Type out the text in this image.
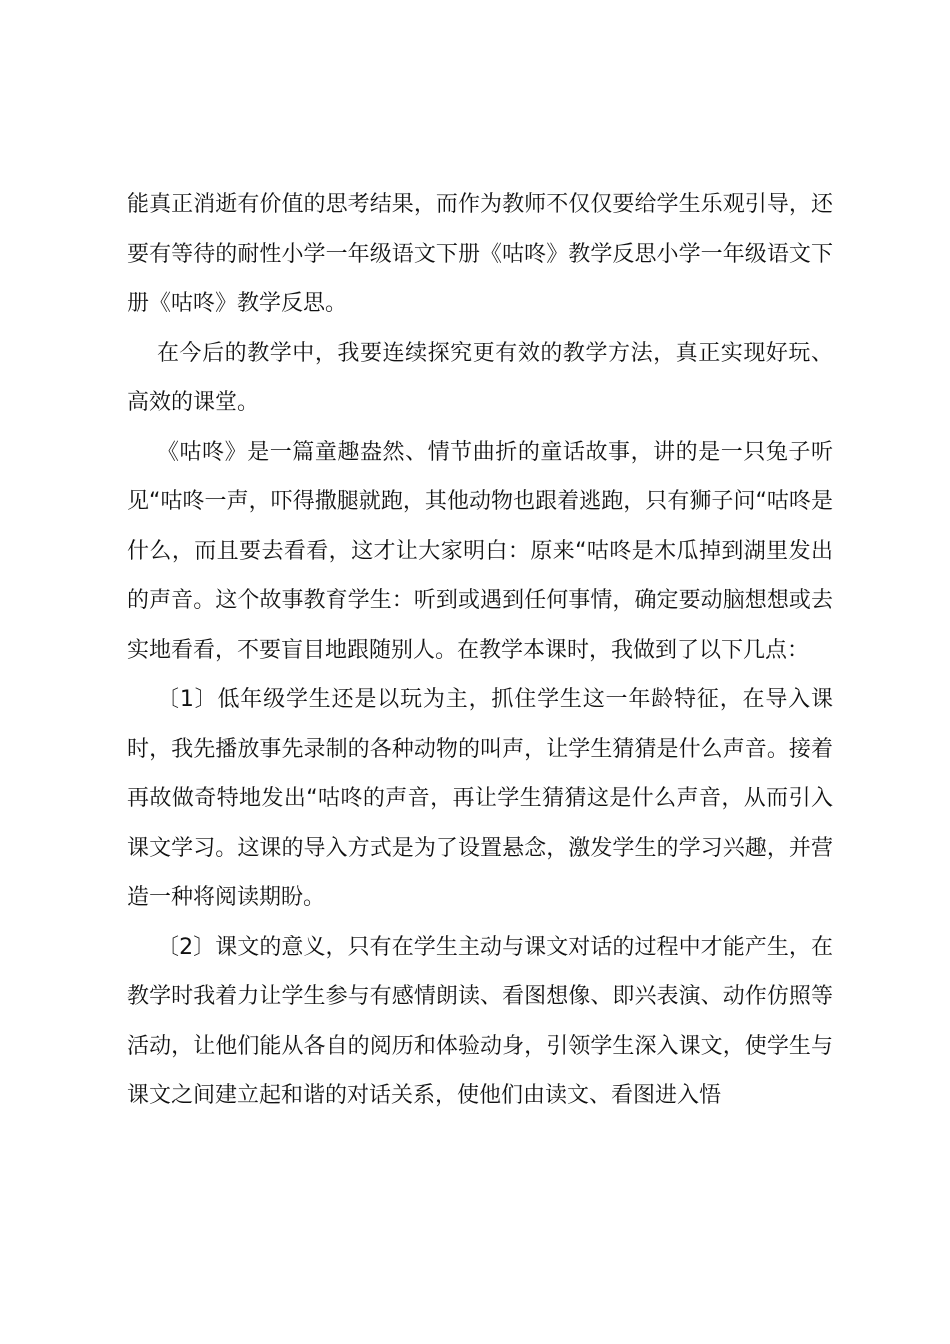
能真正消逝有价值的思考结果，而作为教师不仅仅要给学生乐观引导，还要有等待的耐性小学一年级语文下册《咕咚》教学反思小学一年级语文下册《咕咚》教学反思。

在今后的教学中，我要连续探究更有效的教学方法，真正实现好玩、高效的课堂。

《咕咚》是一篇童趣盎然、情节曲折的童话故事，讲的是一只兔子听见“咕咚一声，吓得撒腿就跑，其他动物也跟着逃跑，只有狮子问“咕咚是什么，而且要去看看，这才让大家明白：原来“咕咚是木瓜掉到湖里发出的声音。这个故事教育学生：听到或遇到任何事情，确定要动脑想想或去实地看看，不要盲目地跟随别人。在教学本课时，我做到了以下几点：

〔1〕低年级学生还是以玩为主，抓住学生这一年龄特征，在导入课时，我先播放事先录制的各种动物的叫声，让学生猜猜是什么声音。接着再故做奇特地发出“咕咚的声音，再让学生猜猜这是什么声音，从而引入课文学习。这课的导入方式是为了设置悬念，激发学生的学习兴趣，并营造一种将阅读期盼。

〔2〕课文的意义，只有在学生主动与课文对话的过程中才能产生，在教学时我着力让学生参与有感情朗读、看图想像、即兴表演、动作仿照等活动，让他们能从各自的阅历和体验动身，引领学生深入课文，使学生与课文之间建立起和谐的对话关系，使他们由读文、看图进入悟
